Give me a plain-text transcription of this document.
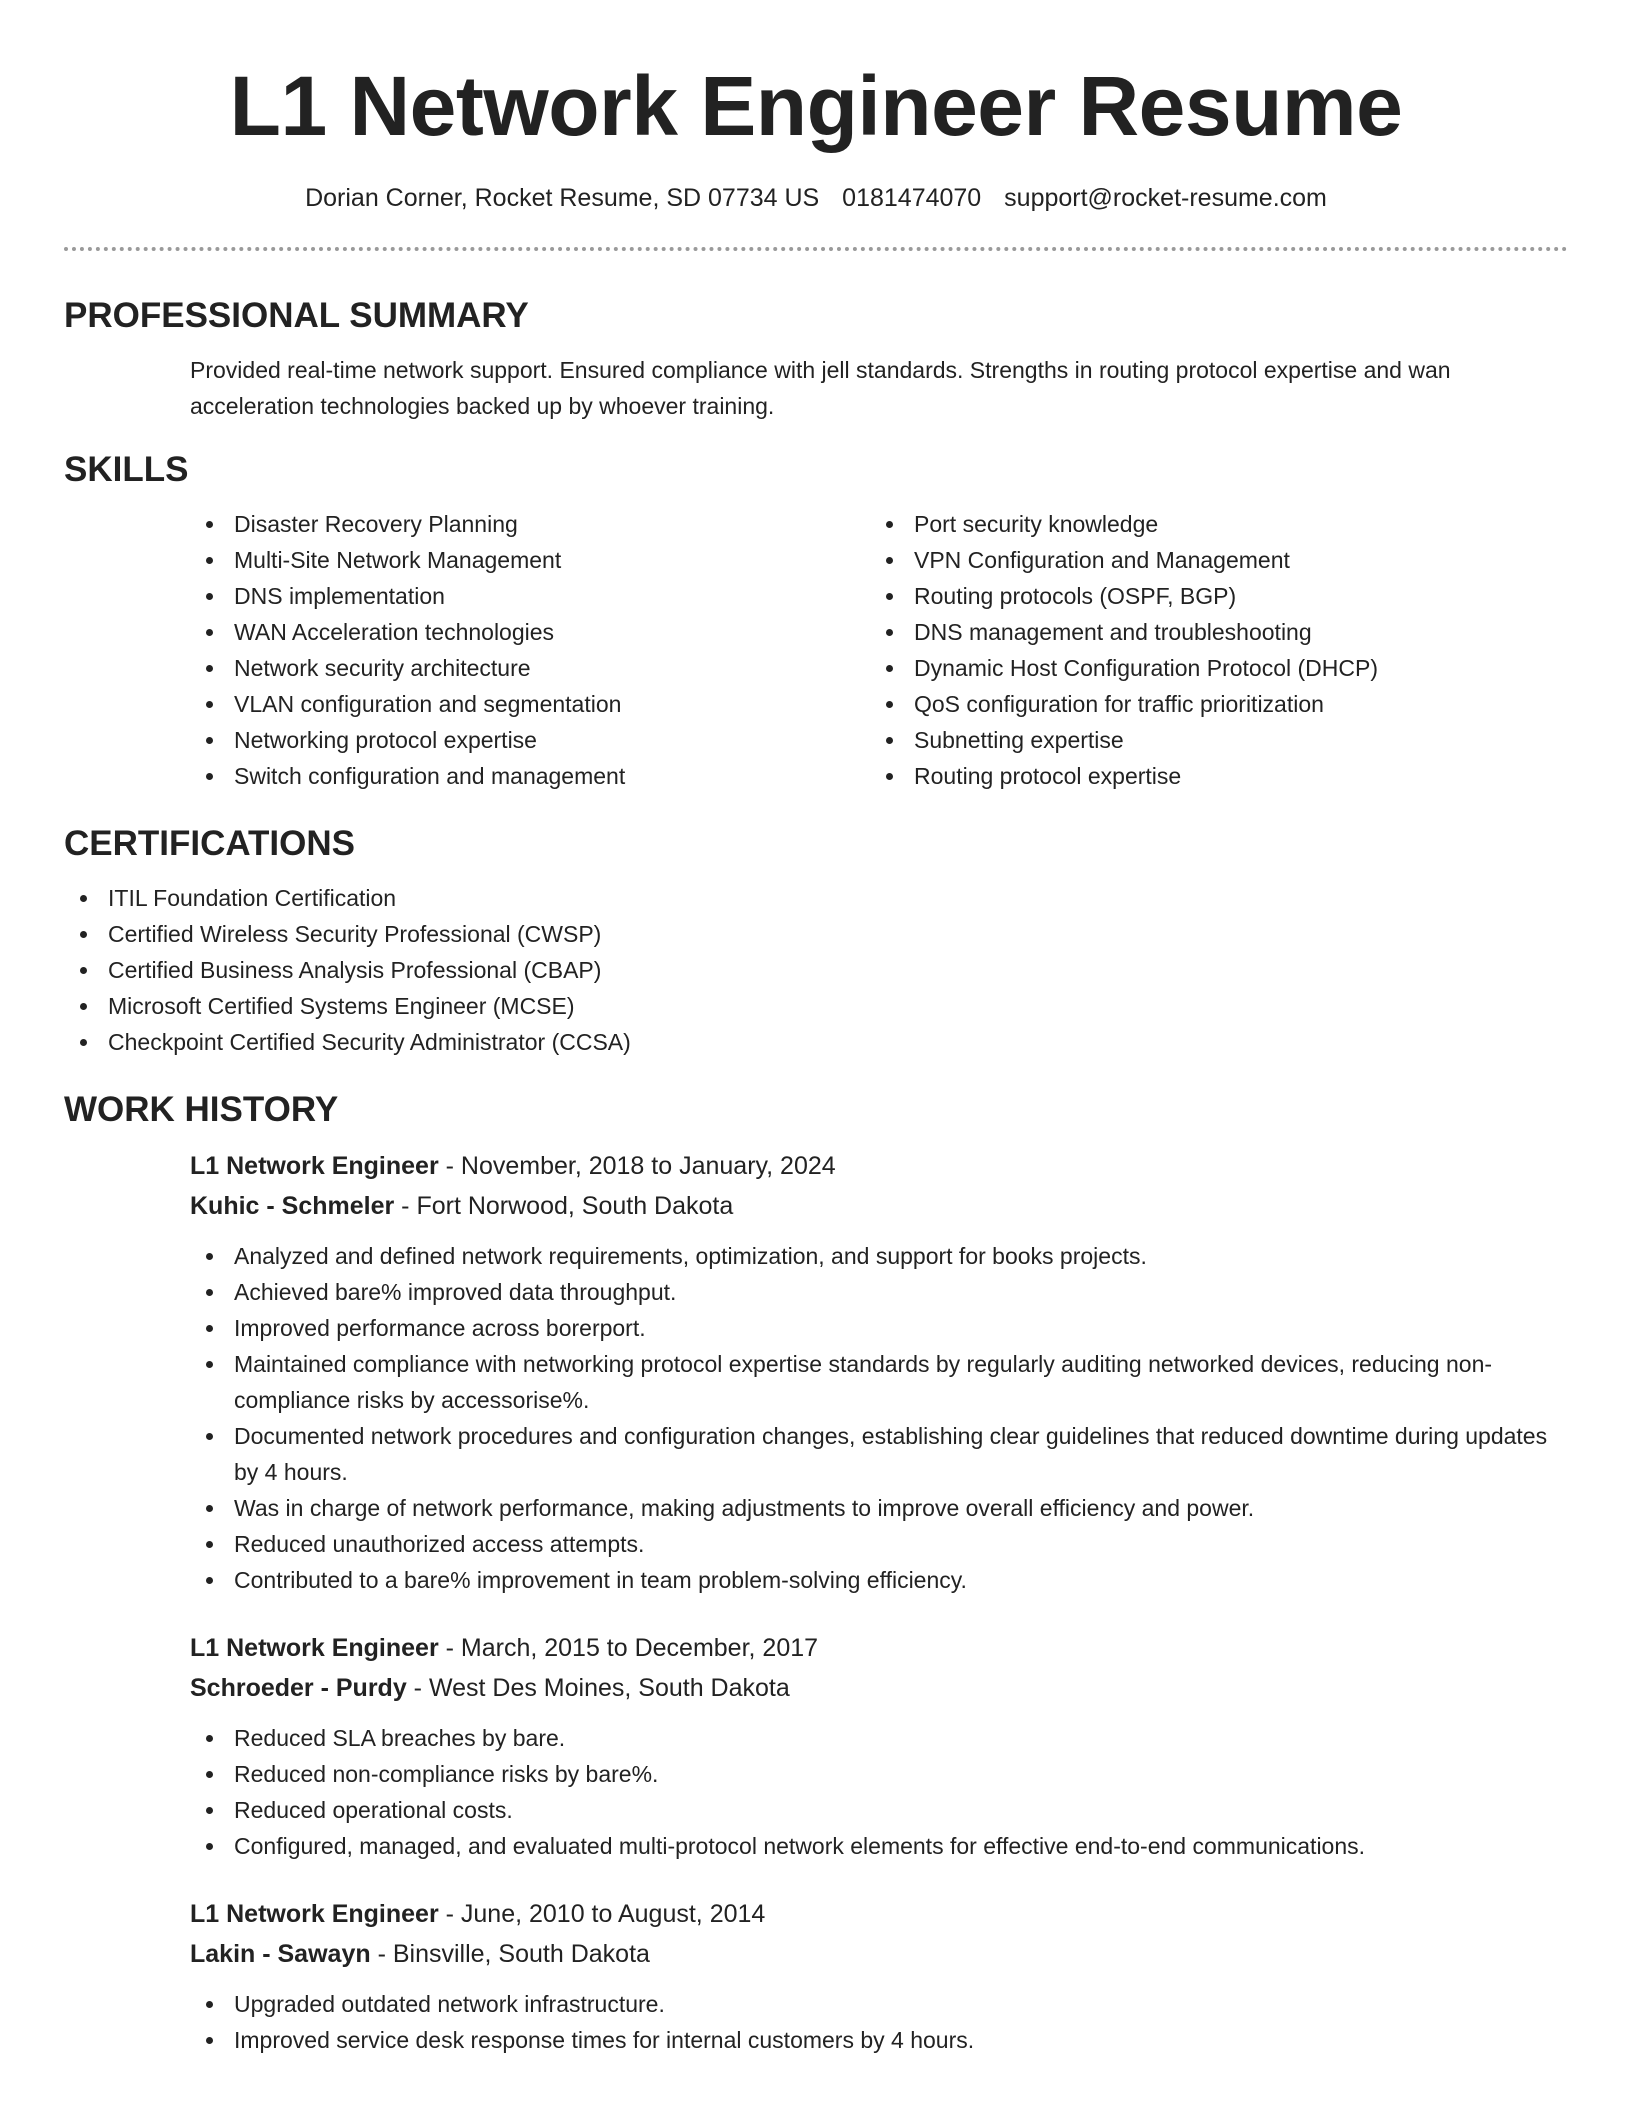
L1 Network Engineer Resume
Dorian Corner, Rocket Resume, SD 07734 US 0181474070 support@rocket-resume.com
PROFESSIONAL SUMMARY
Provided real-time network support. Ensured compliance with jell standards. Strengths in routing protocol expertise and wan acceleration technologies backed up by whoever training.
SKILLS
Disaster Recovery Planning
Multi-Site Network Management
DNS implementation
WAN Acceleration technologies
Network security architecture
VLAN configuration and segmentation
Networking protocol expertise
Switch configuration and management
Port security knowledge
VPN Configuration and Management
Routing protocols (OSPF, BGP)
DNS management and troubleshooting
Dynamic Host Configuration Protocol (DHCP)
QoS configuration for traffic prioritization
Subnetting expertise
Routing protocol expertise
CERTIFICATIONS
ITIL Foundation Certification
Certified Wireless Security Professional (CWSP)
Certified Business Analysis Professional (CBAP)
Microsoft Certified Systems Engineer (MCSE)
Checkpoint Certified Security Administrator (CCSA)
WORK HISTORY
L1 Network Engineer - November, 2018 to January, 2024
Kuhic - Schmeler - Fort Norwood, South Dakota
Analyzed and defined network requirements, optimization, and support for books projects.
Achieved bare% improved data throughput.
Improved performance across borerport.
Maintained compliance with networking protocol expertise standards by regularly auditing networked devices, reducing non-compliance risks by accessorise%.
Documented network procedures and configuration changes, establishing clear guidelines that reduced downtime during updates by 4 hours.
Was in charge of network performance, making adjustments to improve overall efficiency and power.
Reduced unauthorized access attempts.
Contributed to a bare% improvement in team problem-solving efficiency.
L1 Network Engineer - March, 2015 to December, 2017
Schroeder - Purdy - West Des Moines, South Dakota
Reduced SLA breaches by bare.
Reduced non-compliance risks by bare%.
Reduced operational costs.
Configured, managed, and evaluated multi-protocol network elements for effective end-to-end communications.
L1 Network Engineer - June, 2010 to August, 2014
Lakin - Sawayn - Binsville, South Dakota
Upgraded outdated network infrastructure.
Improved service desk response times for internal customers by 4 hours.
